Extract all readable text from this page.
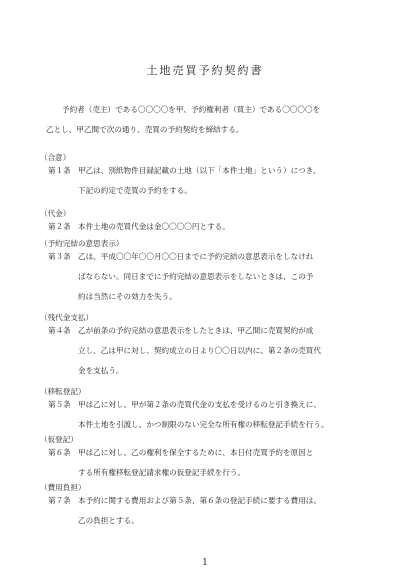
土地売買予約契約書
予約者（売主）である〇〇〇〇を甲、予約権利者（買主）である〇〇〇〇を
乙とし、甲乙間で次の通り、売買の予約契約を締結する。
（合意）
第１条 甲乙は、別紙物件目録記載の土地（以下「本件土地」という）につき、
下記の約定で売買の予約をする。
（代金）
第２条 本件土地の売買代金は金〇〇〇〇円とする。
（予約完結の意思表示）
第３条 乙は、平成〇〇年〇〇月〇〇日までに予約完結の意思表示をしなけれ
ばならない。同日までに予約完結の意思表示をしないときは、この予
約は当然にその効力を失う。
（残代金支払）
第４条 乙が前条の予約完結の意思表示をしたときは、甲乙間に売買契約が成
立し、乙は甲に対し、契約成立の日より〇〇日以内に、第２条の売買代
金を支払う。
（移転登記）
第５条 甲は乙に対し、甲が第２条の売買代金の支払を受けるのと引き換えに、
本件土地を引渡し、かつ制限のない完全な所有権の移転登記手続を行う。
（仮登記）
第６条 甲は乙に対し、乙の権利を保全するために、本日付売買予約を原因と
する所有権移転登記請求権の仮登記手続を行う。
（費用負担）
第７条 本予約に関する費用および第５条、第６条の登記手続に要する費用は、
乙の負担とする。
1
